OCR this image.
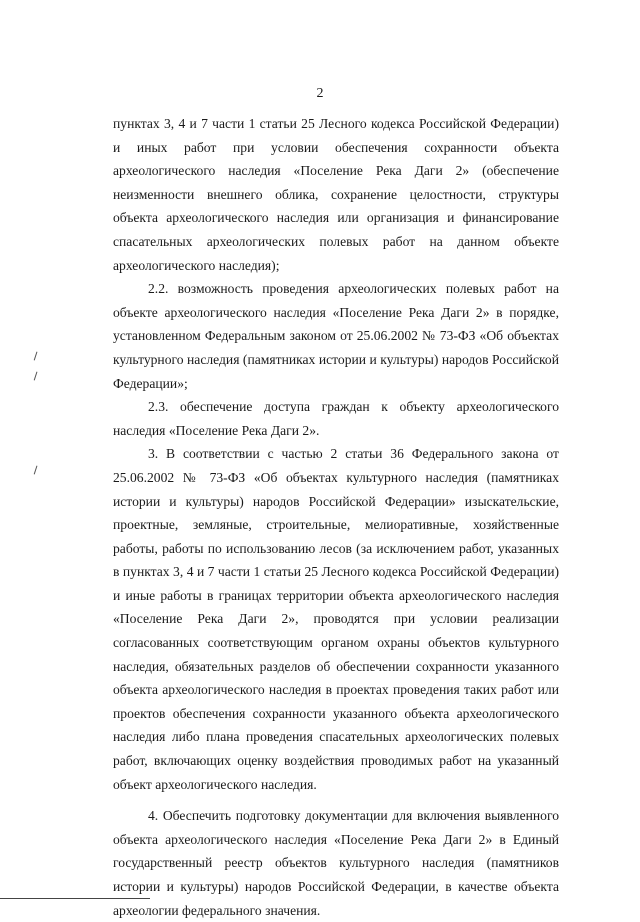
2

пунктах 3, 4 и 7 части 1 статьи 25 Лесного кодекса Российской Федерации) и иных работ при условии обеспечения сохранности объекта археологического наследия «Поселение Река Даги 2» (обеспечение неизменности внешнего облика, сохранение целостности, структуры объекта археологического наследия или организация и финансирование спасательных археологических полевых работ на данном объекте археологического наследия);

2.2. возможность проведения археологических полевых работ на объекте археологического наследия «Поселение Река Даги 2» в порядке, установленном Федеральным законом от 25.06.2002 № 73-ФЗ «Об объектах культурного наследия (памятниках истории и культуры) народов Российской Федерации»;

2.3. обеспечение доступа граждан к объекту археологического наследия «Поселение Река Даги 2».

3. В соответствии с частью 2 статьи 36 Федерального закона от 25.06.2002 № 73-ФЗ «Об объектах культурного наследия (памятниках истории и культуры) народов Российской Федерации» изыскательские, проектные, земляные, строительные, мелиоративные, хозяйственные работы, работы по использованию лесов (за исключением работ, указанных в пунктах 3, 4 и 7 части 1 статьи 25 Лесного кодекса Российской Федерации) и иные работы в границах территории объекта археологического наследия «Поселение Река Даги 2», проводятся при условии реализации согласованных соответствующим органом охраны объектов культурного наследия, обязательных разделов об обеспечении сохранности указанного объекта археологического наследия в проектах проведения таких работ или проектов обеспечения сохранности указанного объекта археологического наследия либо плана проведения спасательных археологических полевых работ, включающих оценку воздействия проводимых работ на указанный объект археологического наследия.

4. Обеспечить подготовку документации для включения выявленного объекта археологического наследия «Поселение Река Даги 2» в Единый государственный реестр объектов культурного наследия (памятников истории и культуры) народов Российской Федерации, в качестве объекта археологии федерального значения.
